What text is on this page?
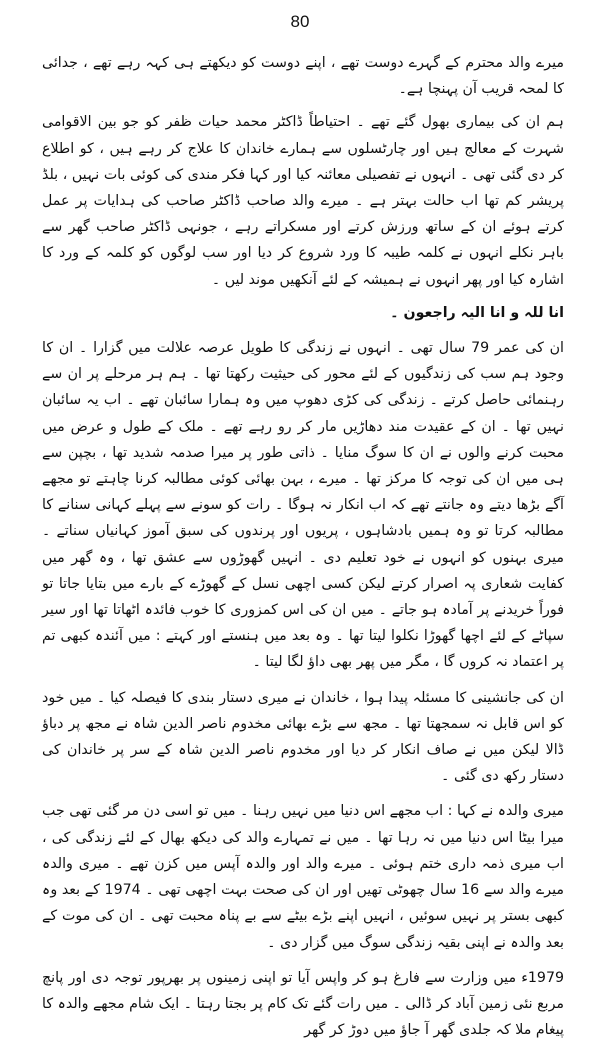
80

میرے والد محترم کے گہرے دوست تھے ، اپنے دوست کو دیکھتے ہی کہہ رہے تھے ، جدائی کا لمحہ قریب آن پہنچا ہے۔

ہم ان کی بیماری بھول گئے تھے ۔ احتیاطاً ڈاکٹر محمد حیات ظفر کو جو بین الاقوامی شہرت کے معالج ہیں اور چارٹسلوں سے ہمارے خاندان کا علاج کر رہے ہیں ، کو اطلاع کر دی گئی تھی ۔ انہوں نے تفصیلی معائنہ کیا اور کہا فکر مندی کی کوئی بات نہیں ، بلڈ پریشر کم تھا اب حالت بہتر ہے ۔ میرے والد صاحب ڈاکٹر صاحب کی ہدایات پر عمل کرتے ہوئے ان کے ساتھ ورزش کرتے اور مسکراتے رہے ، جونہی ڈاکٹر صاحب گھر سے باہر نکلے انہوں نے کلمہ طیبہ کا ورد شروع کر دیا اور سب لوگوں کو کلمہ کے ورد کا اشارہ کیا اور پھر انہوں نے ہمیشہ کے لئے آنکھیں موند لیں ۔

انا للہ و انا الیہ راجعون ۔

ان کی عمر 79 سال تھی ۔ انہوں نے زندگی کا طویل عرصہ علالت میں گزارا ۔ ان کا وجود ہم سب کی زندگیوں کے لئے محور کی حیثیت رکھتا تھا ۔ ہم ہر مرحلے پر ان سے رہنمائی حاصل کرتے ۔ زندگی کی کڑی دھوپ میں وہ ہمارا سائبان تھے ۔ اب یہ سائبان نہیں تھا ۔ ان کے عقیدت مند دھاڑیں مار کر رو رہے تھے ۔ ملک کے طول و عرض میں محبت کرنے والوں نے ان کا سوگ منایا ۔ ذاتی طور پر میرا صدمہ شدید تھا ، بچپن سے ہی میں ان کی توجہ کا مرکز تھا ۔ میرے ، بہن بھائی کوئی مطالبہ کرنا چاہتے تو مجھے آگے بڑھا دیتے وہ جانتے تھے کہ اب انکار نہ ہوگا ۔ رات کو سونے سے پہلے کہانی سنانے کا مطالبہ کرتا تو وہ ہمیں بادشاہوں ، پریوں اور پرندوں کی سبق آموز کہانیاں سناتے ۔ میری بہنوں کو انہوں نے خود تعلیم دی ۔ انہیں گھوڑوں سے عشق تھا ، وہ گھر میں کفایت شعاری پہ اصرار کرتے لیکن کسی اچھی نسل کے گھوڑے کے بارے میں بتایا جاتا تو فوراً خریدنے پر آمادہ ہو جاتے ۔ میں ان کی اس کمزوری کا خوب فائدہ اٹھاتا تھا اور سیر سپاٹے کے لئے اچھا گھوڑا نکلوا لیتا تھا ۔ وہ بعد میں ہنستے اور کہتے : میں آئندہ کبھی تم پر اعتماد نہ کروں گا ، مگر میں پھر بھی داؤ لگا لیتا ۔

ان کی جانشینی کا مسئلہ پیدا ہوا ، خاندان نے میری دستار بندی کا فیصلہ کیا ۔ میں خود کو اس قابل نہ سمجھتا تھا ۔ مجھ سے بڑے بھائی مخدوم ناصر الدین شاہ نے مجھ پر دباؤ ڈالا لیکن میں نے صاف انکار کر دیا اور مخدوم ناصر الدین شاہ کے سر پر خاندان کی دستار رکھ دی گئی ۔

میری والدہ نے کہا : اب مجھے اس دنیا میں نہیں رہنا ۔ میں تو اسی دن مر گئی تھی جب میرا بیٹا اس دنیا میں نہ رہا تھا ۔ میں نے تمہارے والد کی دیکھ بھال کے لئے زندگی کی ، اب میری ذمہ داری ختم ہوئی ۔ میرے والد اور والدہ آپس میں کزن تھے ۔ میری والدہ میرے والد سے 16 سال چھوٹی تھیں اور ان کی صحت بہت اچھی تھی ۔ 1974 کے بعد وہ کبھی بستر پر نہیں سوئیں ، انہیں اپنے بڑے بیٹے سے بے پناہ محبت تھی ۔ ان کی موت کے بعد والدہ نے اپنی بقیہ زندگی سوگ میں گزار دی ۔

1979ء میں وزارت سے فارغ ہو کر واپس آیا تو اپنی زمینوں پر بھرپور توجہ دی اور پانچ مربع نئی زمین آباد کر ڈالی ۔ میں رات گئے تک کام پر بجتا رہتا ۔ ایک شام مجھے والدہ کا پیغام ملا کہ جلدی گھر آ جاؤ میں دوڑ کر گھر
